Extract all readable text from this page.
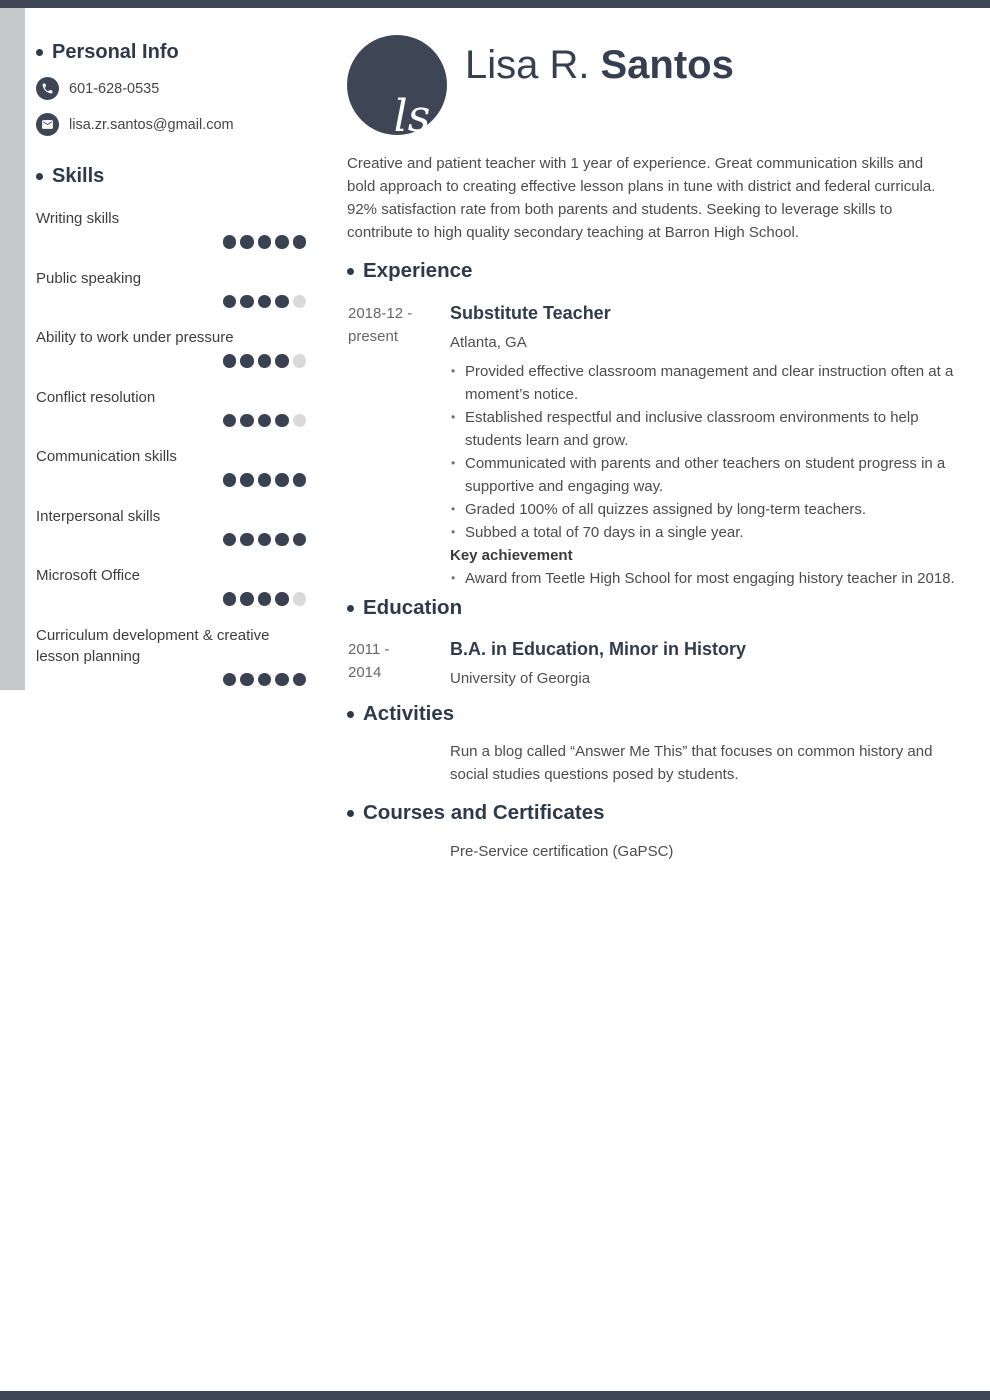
Personal Info
601-628-0535
lisa.zr.santos@gmail.com
Skills
Writing skills
Public speaking
Ability to work under pressure
Conflict resolution
Communication skills
Interpersonal skills
Microsoft Office
Curriculum development & creative lesson planning
ls
Lisa R. Santos
Creative and patient teacher with 1 year of experience. Great communication skills and bold approach to creating effective lesson plans in tune with district and federal curricula. 92% satisfaction rate from both parents and students. Seeking to leverage skills to contribute to high quality secondary teaching at Barron High School.
Experience
2018-12 -
present
Substitute Teacher
Atlanta, GA
• Provided effective classroom management and clear instruction often at a moment’s notice.
• Established respectful and inclusive classroom environments to help students learn and grow.
• Communicated with parents and other teachers on student progress in a supportive and engaging way.
• Graded 100% of all quizzes assigned by long-term teachers.
• Subbed a total of 70 days in a single year.
Key achievement
• Award from Teetle High School for most engaging history teacher in 2018.
Education
2011 -
2014
B.A. in Education, Minor in History
University of Georgia
Activities
Run a blog called “Answer Me This” that focuses on common history and social studies questions posed by students.
Courses and Certificates
Pre-Service certification (GaPSC)
